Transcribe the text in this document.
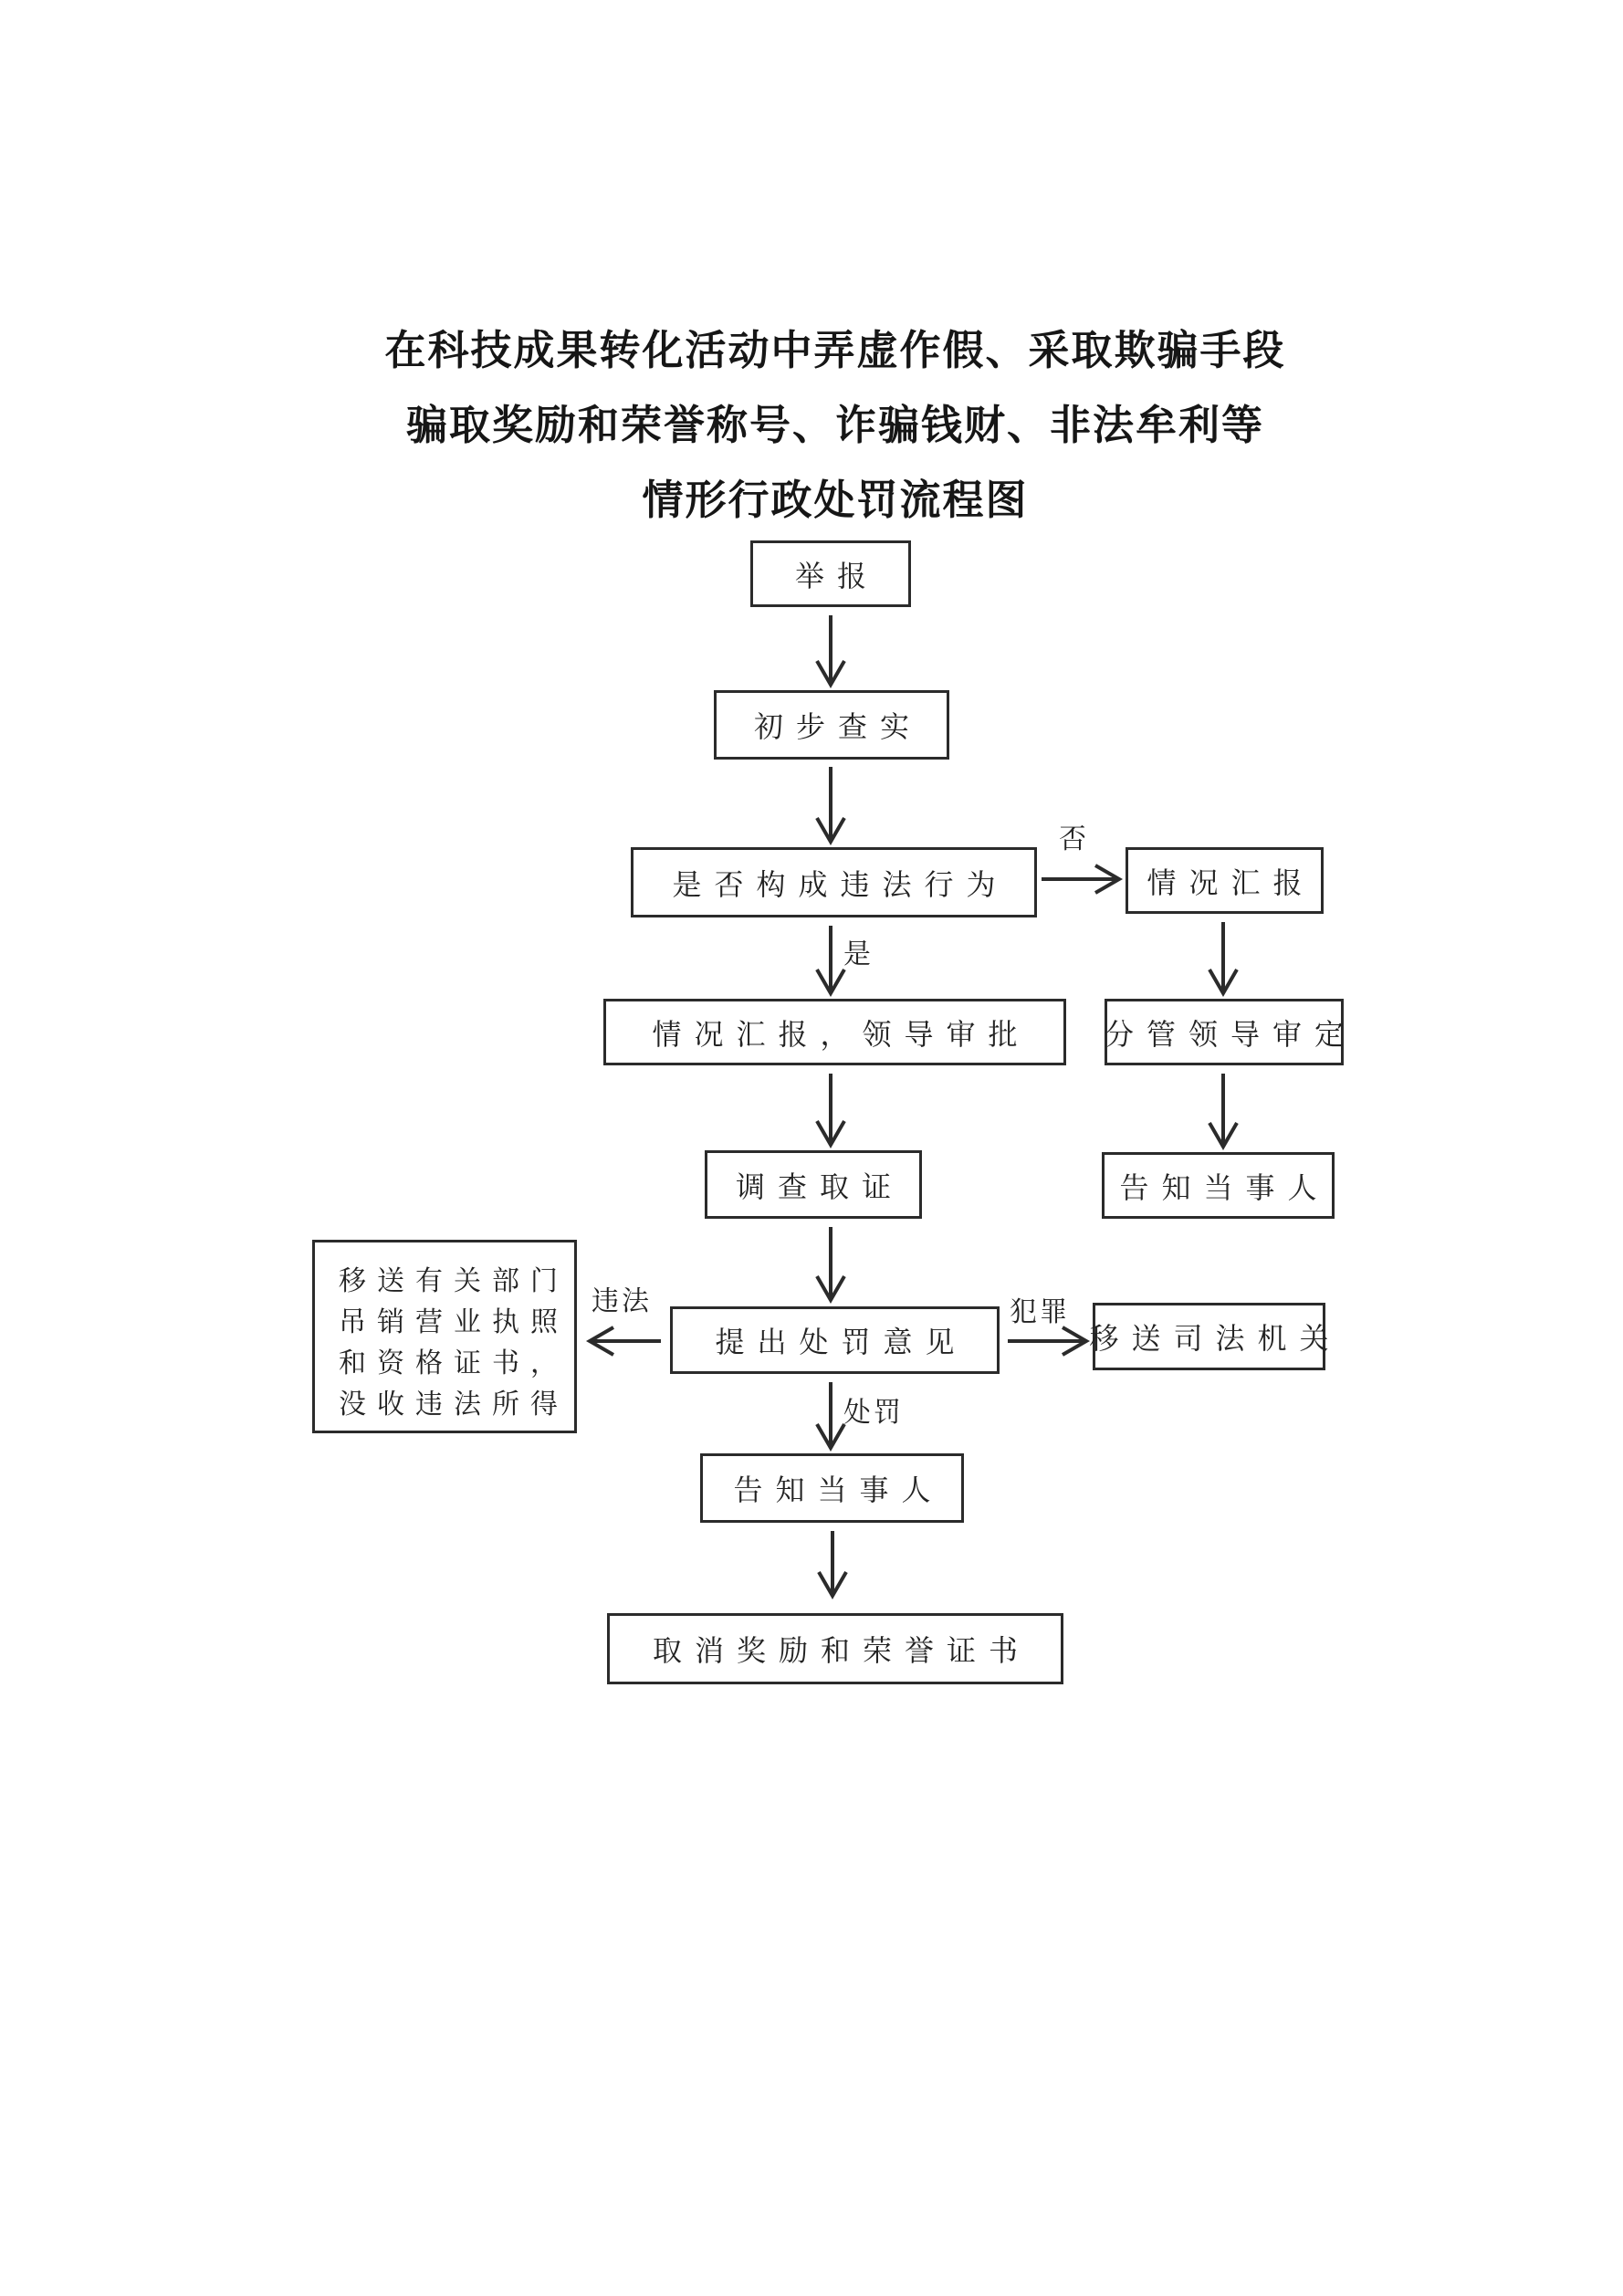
在科技成果转化活动中弄虚作假、采取欺骗手段
骗取奖励和荣誉称号、诈骗钱财、非法牟利等
情形行政处罚流程图
举报
初步查实
是否构成违法行为
情况汇报，领导审批
调查取证
提出处罚意见
告知当事人
取消奖励和荣誉证书
情况汇报
分管领导审定
告知当事人
移送司法机关
移送有关部门
吊销营业执照
和资格证书，
没收违法所得
否
是
违法	犯罪
处罚
